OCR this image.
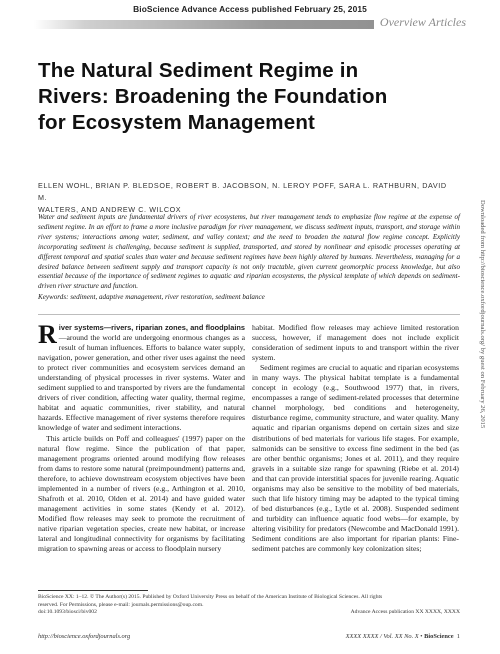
BioScience Advance Access published February 25, 2015
Overview Articles
The Natural Sediment Regime in
Rivers: Broadening the Foundation
for Ecosystem Management
ELLEN WOHL, BRIAN P. BLEDSOE, ROBERT B. JACOBSON, N. LEROY POFF, SARA L. RATHBURN, DAVID M.
WALTERS, AND ANDREW C. WILCOX
Water and sediment inputs are fundamental drivers of river ecosystems, but river management tends to emphasize flow regime at the expense of sediment regime. In an effort to frame a more inclusive paradigm for river management, we discuss sediment inputs, transport, and storage within river systems; interactions among water, sediment, and valley context; and the need to broaden the natural flow regime concept. Explicitly incorporating sediment is challenging, because sediment is supplied, transported, and stored by nonlinear and episodic processes operating at different temporal and spatial scales than water and because sediment regimes have been highly altered by humans. Nevertheless, managing for a desired balance between sediment supply and transport capacity is not only tractable, given current geomorphic process knowledge, but also essential because of the importance of sediment regimes to aquatic and riparian ecosystems, the physical template of which depends on sediment-driven river structure and function.
Keywords: sediment, adaptive management, river restoration, sediment balance

River systems—rivers, riparian zones, and floodplains —around the world are undergoing enormous changes as a result of human influences. Efforts to balance water supply, navigation, power generation, and other river uses against the need to protect river communities and ecosystem services demand an understanding of physical processes in river systems. Water and sediment supplied to and transported by rivers are the fundamental drivers of river condition, affecting water quality, thermal regime, habitat and aquatic communities, river stability, and natural hazards. Effective management of river systems therefore requires knowledge of water and sediment interactions.

This article builds on Poff and colleagues' (1997) paper on the natural flow regime. Since the publication of that paper, management programs oriented around modifying flow releases from dams to restore some natural (preimpoundment) patterns and, therefore, to achieve downstream ecosystem objectives have been implemented in a number of rivers (e.g., Arthington et al. 2010, Shafroth et al. 2010, Olden et al. 2014) and have guided water management activities in some states (Kendy et al. 2012). Modified flow releases may seek to promote the recruitment of native riparian vegetation species, create new habitat, or increase lateral and longitudinal connectivity for organisms by facilitating migration to spawning areas or access to floodplain nursery

habitat. Modified flow releases may achieve limited restoration success, however, if management does not include explicit consideration of sediment inputs to and transport within the river system.

Sediment regimes are crucial to aquatic and riparian ecosystems in many ways. The physical habitat template is a fundamental concept in ecology (e.g., Southwood 1977) that, in rivers, encompasses a range of sediment-related processes that determine channel morphology, bed conditions and heterogeneity, disturbance regime, community structure, and water quality. Many aquatic and riparian organisms depend on certain sizes and size distributions of bed materials for various life stages. For example, salmonids can be sensitive to excess fine sediment in the bed (as are other benthic organisms; Jones et al. 2011), and they require gravels in a suitable size range for spawning (Riebe et al. 2014) and that can provide interstitial spaces for juvenile rearing. Aquatic organisms may also be sensitive to the mobility of bed materials, such that life history timing may be adapted to the typical timing of bed disturbances (e.g., Lytle et al. 2008). Suspended sediment and turbidity can influence aquatic food webs—for example, by altering visibility for predators (Newcombe and MacDonald 1991). Sediment conditions are also important for riparian plants: Fine-sediment patches are commonly key colonization sites;

BioScience XX: 1–12. © The Author(s) 2015. Published by Oxford University Press on behalf of the American Institute of Biological Sciences. All rights
reserved. For Permissions, please e-mail: journals.permissions@oup.com.
doi:10.1093/biosci/biv002	Advance Access publication XX XXXX, XXXX
http://bioscience.oxfordjournals.org	XXXX XXXX / Vol. XX No. X • BioScience 1
Downloaded from http://bioscience.oxfordjournals.org/ by guest on February 26, 2015
